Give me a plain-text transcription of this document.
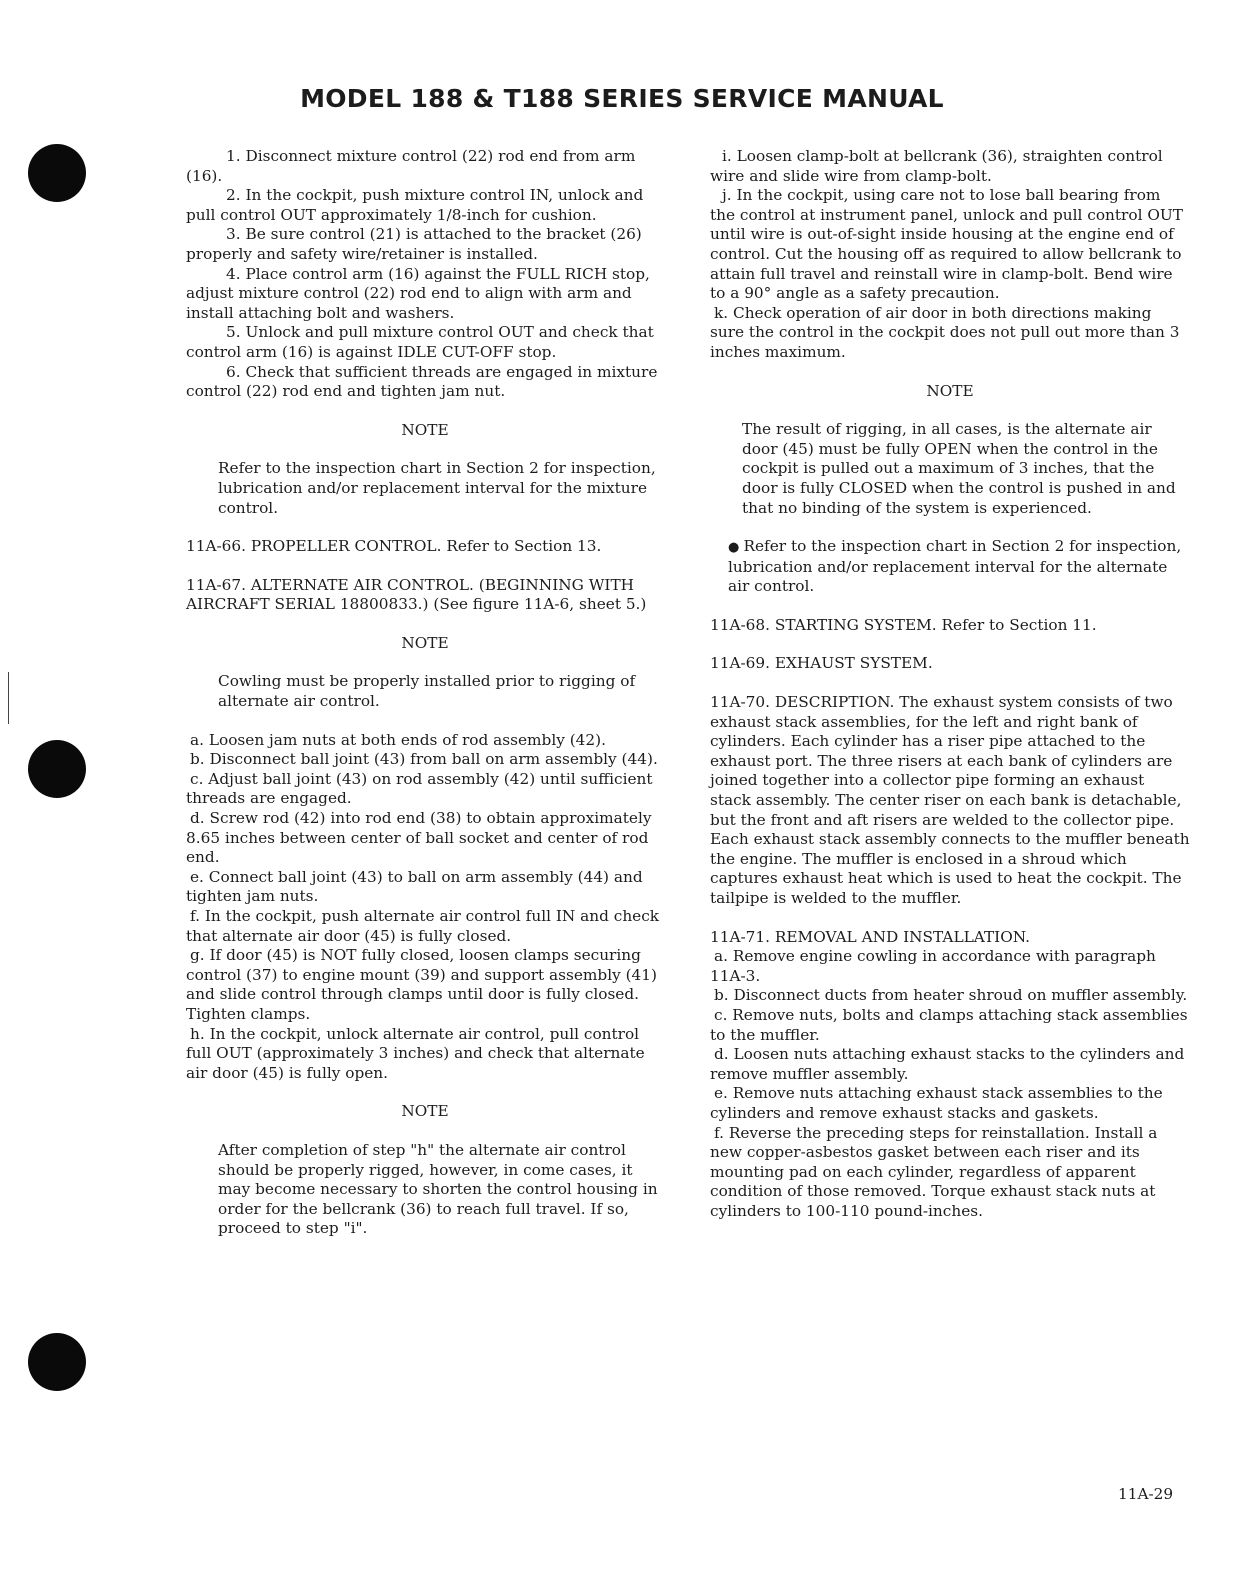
MODEL 188 & T188 SERIES SERVICE MANUAL

1. Disconnect mixture control (22) rod end from arm (16).

2. In the cockpit, push mixture control IN, unlock and pull control OUT approximately 1/8-inch for cushion.

3. Be sure control (21) is attached to the bracket (26) properly and safety wire/retainer is installed.

4. Place control arm (16) against the FULL RICH stop, adjust mixture control (22) rod end to align with arm and install attaching bolt and washers.

5. Unlock and pull mixture control OUT and check that control arm (16) is against IDLE CUT-OFF stop.

6. Check that sufficient threads are engaged in mixture control (22) rod end and tighten jam nut.

NOTE

Refer to the inspection chart in Section 2 for inspection, lubrication and/or replacement interval for the mixture control.

11A-66. PROPELLER CONTROL. Refer to Section 13.

11A-67. ALTERNATE AIR CONTROL. (BEGINNING WITH AIRCRAFT SERIAL 18800833.) (See figure 11A-6, sheet 5.)

NOTE

Cowling must be properly installed prior to rigging of alternate air control.

a. Loosen jam nuts at both ends of rod assembly (42).

b. Disconnect ball joint (43) from ball on arm assembly (44).

c. Adjust ball joint (43) on rod assembly (42) until sufficient threads are engaged.

d. Screw rod (42) into rod end (38) to obtain approximately 8.65 inches between center of ball socket and center of rod end.

e. Connect ball joint (43) to ball on arm assembly (44) and tighten jam nuts.

f. In the cockpit, push alternate air control full IN and check that alternate air door (45) is fully closed.

g. If door (45) is NOT fully closed, loosen clamps securing control (37) to engine mount (39) and support assembly (41) and slide control through clamps until door is fully closed. Tighten clamps.

h. In the cockpit, unlock alternate air control, pull control full OUT (approximately 3 inches) and check that alternate air door (45) is fully open.

NOTE

After completion of step "h" the alternate air control should be properly rigged, however, in come cases, it may become necessary to shorten the control housing in order for the bellcrank (36) to reach full travel. If so, proceed to step "i".

i. Loosen clamp-bolt at bellcrank (36), straighten control wire and slide wire from clamp-bolt.

j. In the cockpit, using care not to lose ball bearing from the control at instrument panel, unlock and pull control OUT until wire is out-of-sight inside housing at the engine end of control. Cut the housing off as required to allow bellcrank to attain full travel and reinstall wire in clamp-bolt. Bend wire to a 90° angle as a safety precaution.

k. Check operation of air door in both directions making sure the control in the cockpit does not pull out more than 3 inches maximum.

NOTE

The result of rigging, in all cases, is the alternate air door (45) must be fully OPEN when the control in the cockpit is pulled out a maximum of 3 inches, that the door is fully CLOSED when the control is pushed in and that no binding of the system is experienced.

● Refer to the inspection chart in Section 2 for inspection, lubrication and/or replacement interval for the alternate air control.

11A-68. STARTING SYSTEM. Refer to Section 11.

11A-69. EXHAUST SYSTEM.

11A-70. DESCRIPTION. The exhaust system consists of two exhaust stack assemblies, for the left and right bank of cylinders. Each cylinder has a riser pipe attached to the exhaust port. The three risers at each bank of cylinders are joined together into a collector pipe forming an exhaust stack assembly. The center riser on each bank is detachable, but the front and aft risers are welded to the collector pipe. Each exhaust stack assembly connects to the muffler beneath the engine. The muffler is enclosed in a shroud which captures exhaust heat which is used to heat the cockpit. The tailpipe is welded to the muffler.

11A-71. REMOVAL AND INSTALLATION.

a. Remove engine cowling in accordance with paragraph 11A-3.

b. Disconnect ducts from heater shroud on muffler assembly.

c. Remove nuts, bolts and clamps attaching stack assemblies to the muffler.

d. Loosen nuts attaching exhaust stacks to the cylinders and remove muffler assembly.

e. Remove nuts attaching exhaust stack assemblies to the cylinders and remove exhaust stacks and gaskets.

f. Reverse the preceding steps for reinstallation. Install a new copper-asbestos gasket between each riser and its mounting pad on each cylinder, regardless of apparent condition of those removed. Torque exhaust stack nuts at cylinders to 100-110 pound-inches.

11A-29
